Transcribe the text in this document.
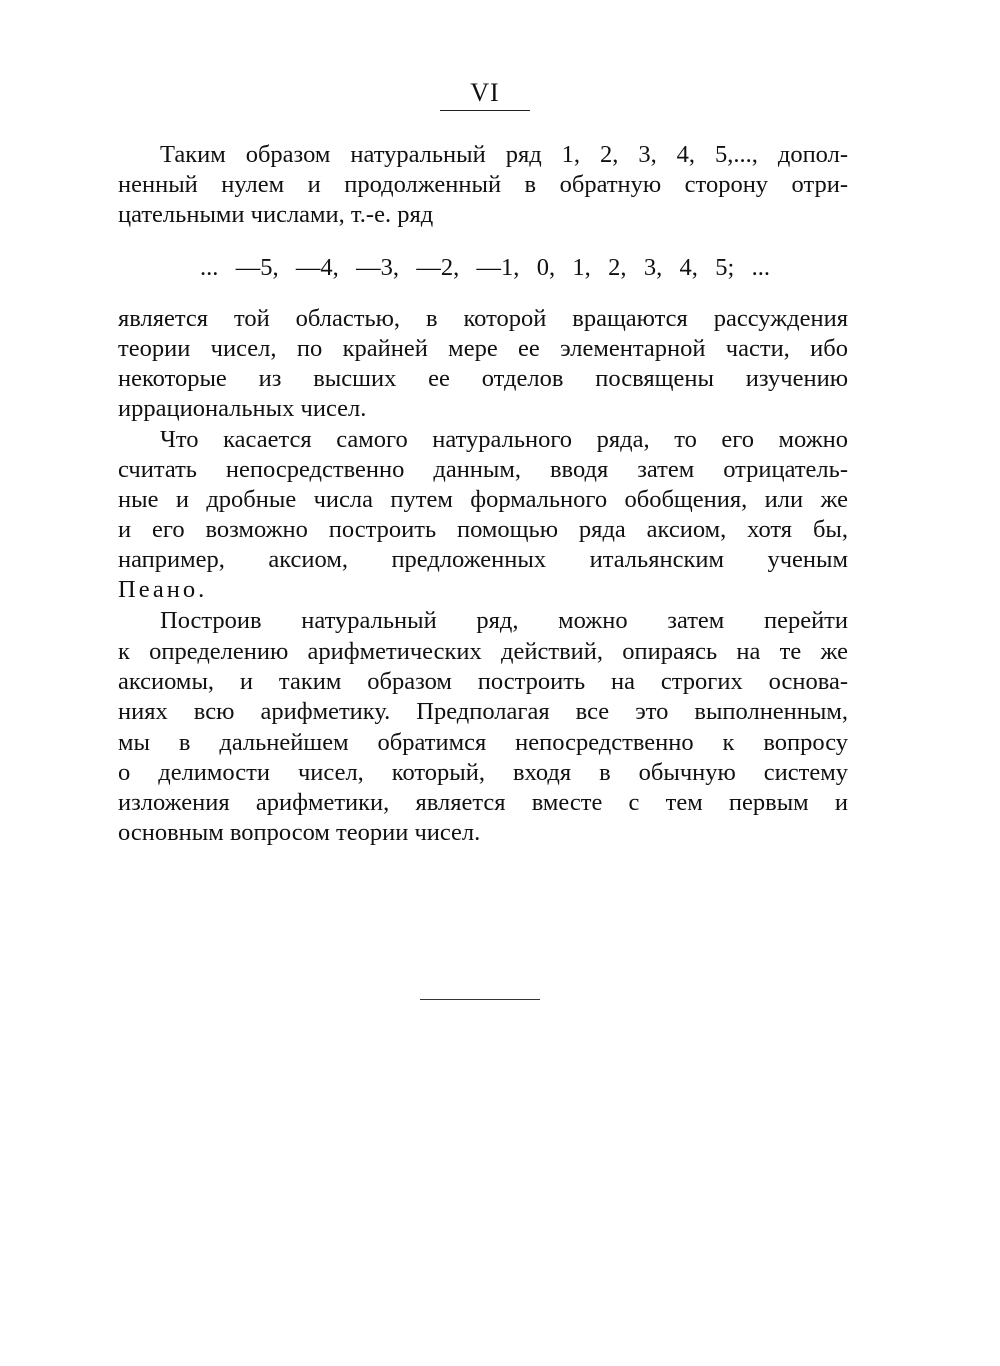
VI
Таким образом натуральный ряд 1, 2, 3, 4, 5,..., допол-
ненный нулем и продолженный в обратную сторону отри-
цательными числами, т.-е. ряд
... —5, —4, —3, —2, —1, 0, 1, 2, 3, 4, 5; ...
является той областью, в которой вращаются рассуждения
теории чисел, по крайней мере ее элементарной части, ибо
некоторые из высших ее отделов посвящены изучению
иррациональных чисел.
Что касается самого натурального ряда, то его можно
считать непосредственно данным, вводя затем отрицатель-
ные и дробные числа путем формального обобщения, или же
и его возможно построить помощью ряда аксиом, хотя бы,
например, аксиом, предложенных итальянским ученым
Пеано.
Построив натуральный ряд, можно затем перейти
к определению арифметических действий, опираясь на те же
аксиомы, и таким образом построить на строгих основа-
ниях всю арифметику. Предполагая все это выполненным,
мы в дальнейшем обратимся непосредственно к вопросу
о делимости чисел, который, входя в обычную систему
изложения арифметики, является вместе с тем первым и
основным вопросом теории чисел.
